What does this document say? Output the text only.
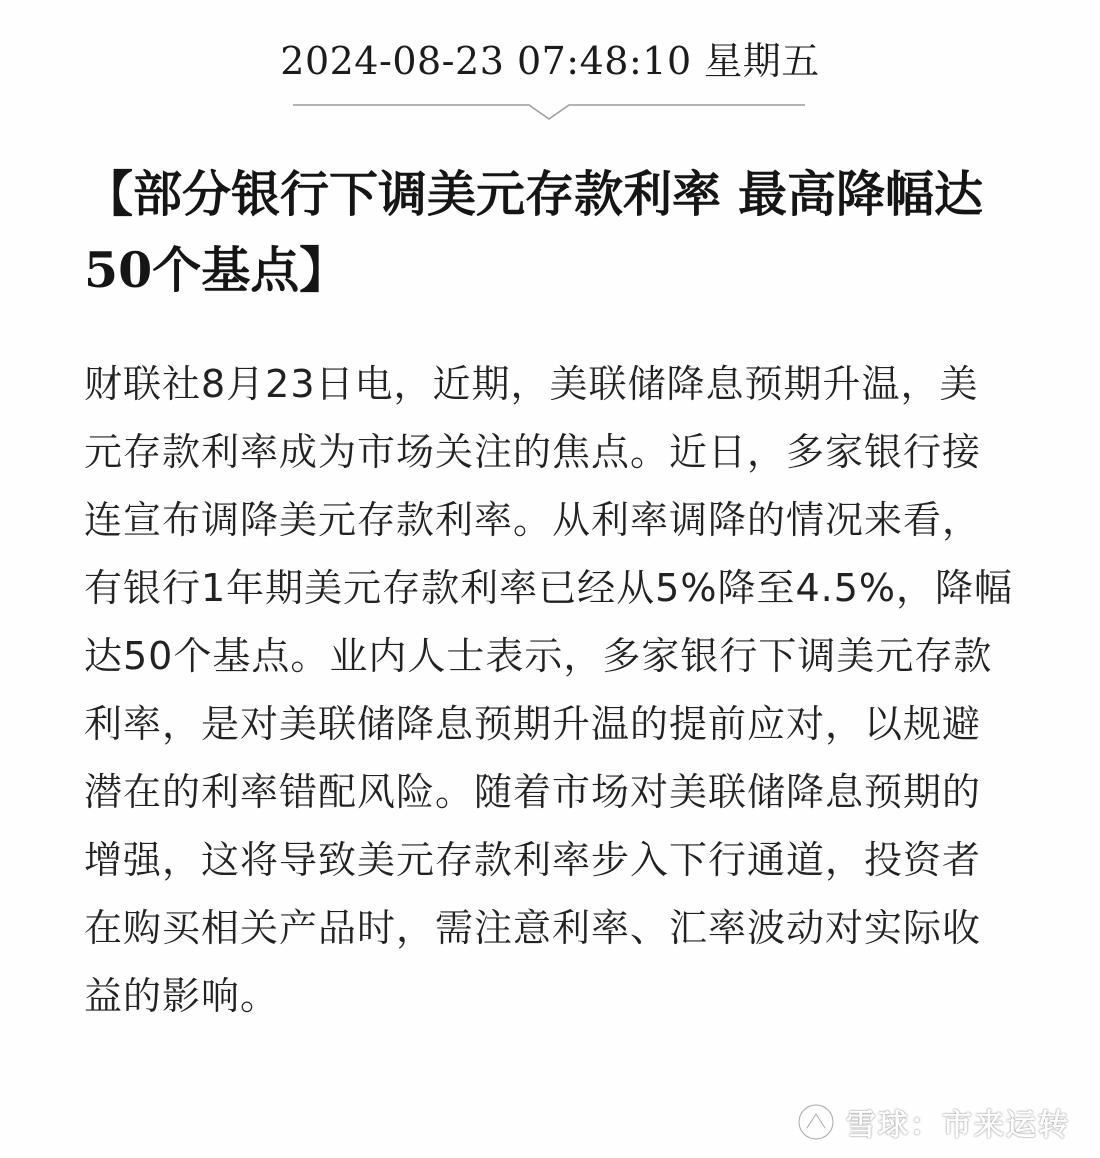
2024-08-23 07:48:10 星期五
【部分银行下调美元存款利率 最高降幅达50个基点】

财联社8月23日电，近期，美联储降息预期升温，美元存款利率成为市场关注的焦点。近日，多家银行接连宣布调降美元存款利率。从利率调降的情况来看，有银行1年期美元存款利率已经从5%降至4.5%，降幅达50个基点。业内人士表示，多家银行下调美元存款利率，是对美联储降息预期升温的提前应对，以规避潜在的利率错配风险。随着市场对美联储降息预期的增强，这将导致美元存款利率步入下行通道，投资者在购买相关产品时，需注意利率、汇率波动对实际收益的影响。

雪球：市来运转
